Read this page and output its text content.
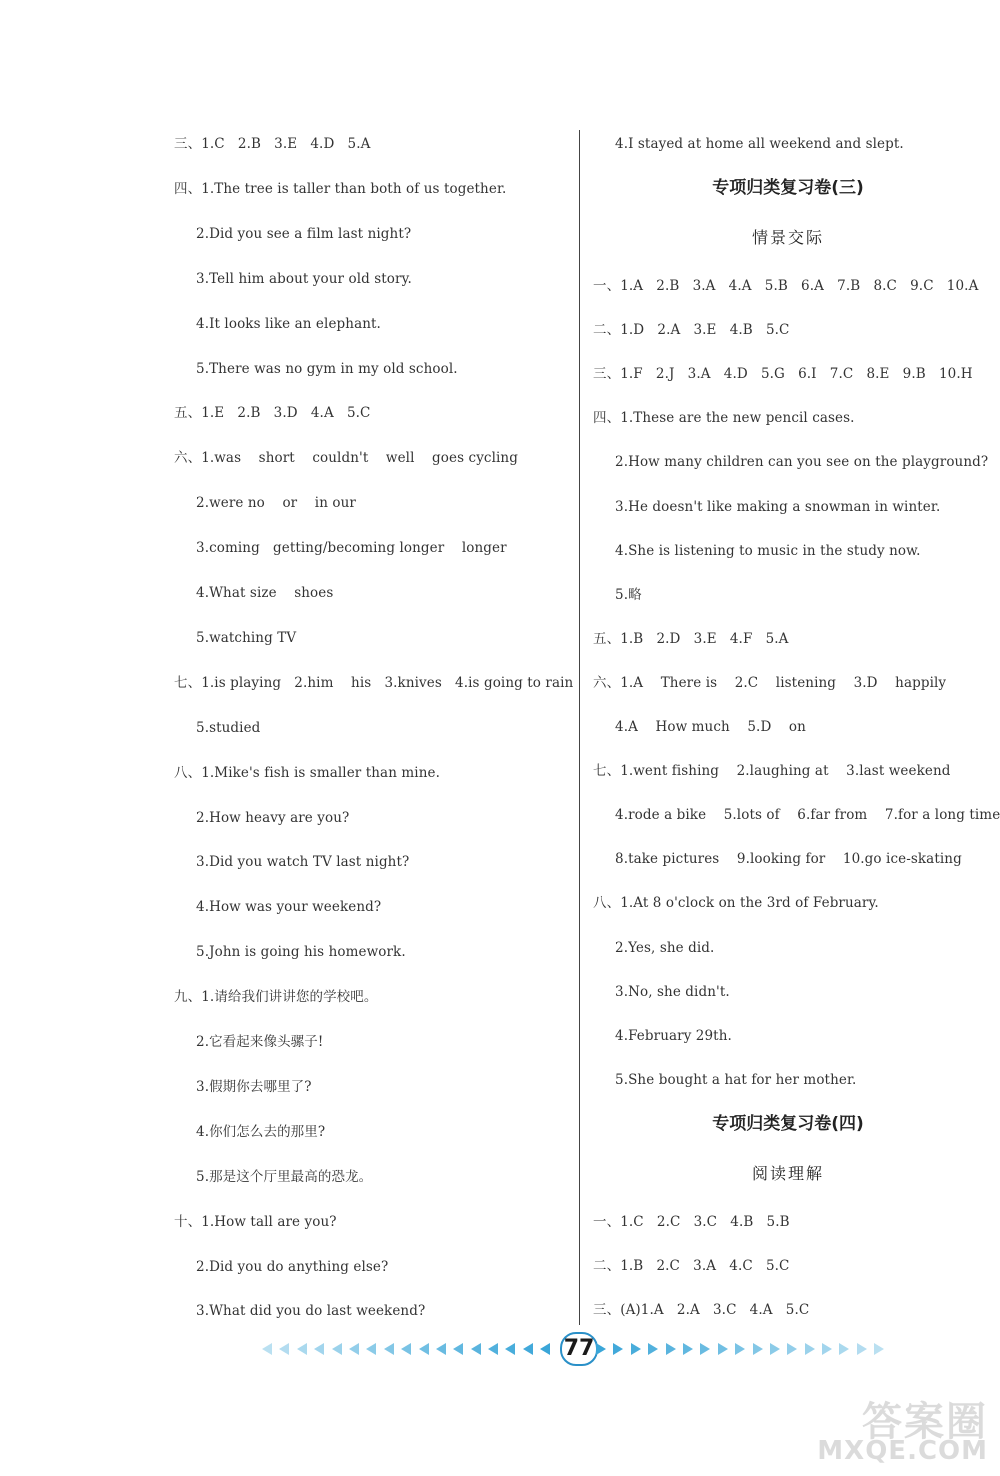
三、1.C   2.B   3.E   4.D   5.A
四、1.The tree is taller than both of us together.
2.Did you see a film last night?
3.Tell him about your old story.
4.It looks like an elephant.
5.There was no gym in my old school.
五、1.E   2.B   3.D   4.A   5.C
六、1.was    short    couldn't    well    goes cycling
2.were no    or    in our
3.coming   getting/becoming longer    longer
4.What size    shoes
5.watching TV
七、1.is playing   2.him    his   3.knives   4.is going to rain
5.studied
八、1.Mike's fish is smaller than mine.
2.How heavy are you?
3.Did you watch TV last night?
4.How was your weekend?
5.John is going his homework.
九、1.请给我们讲讲您的学校吧。
2.它看起来像头骡子!
3.假期你去哪里了?
4.你们怎么去的那里?
5.那是这个厅里最高的恐龙。
十、1.How tall are you?
2.Did you do anything else?
3.What did you do last weekend?
4.I stayed at home all weekend and slept.
专项归类复习卷(三)
情景交际
一、1.A   2.B   3.A   4.A   5.B   6.A   7.B   8.C   9.C   10.A
二、1.D   2.A   3.E   4.B   5.C
三、1.F   2.J   3.A   4.D   5.G   6.I   7.C   8.E   9.B   10.H
四、1.These are the new pencil cases.
2.How many children can you see on the playground?
3.He doesn't like making a snowman in winter.
4.She is listening to music in the study now.
5.略
五、1.B   2.D   3.E   4.F   5.A
六、1.A    There is    2.C    listening    3.D    happily
4.A    How much    5.D    on
七、1.went fishing    2.laughing at    3.last weekend
4.rode a bike    5.lots of    6.far from    7.for a long time
8.take pictures    9.looking for    10.go ice-skating
八、1.At 8 o'clock on the 3rd of February.
2.Yes, she did.
3.No, she didn't.
4.February 29th.
5.She bought a hat for her mother.
专项归类复习卷(四)
阅读理解
一、1.C   2.C   3.C   4.B   5.B
二、1.B   2.C   3.A   4.C   5.C
三、(A)1.A   2.A   3.C   4.A   5.C
77
答案圈
MXQE.COM
